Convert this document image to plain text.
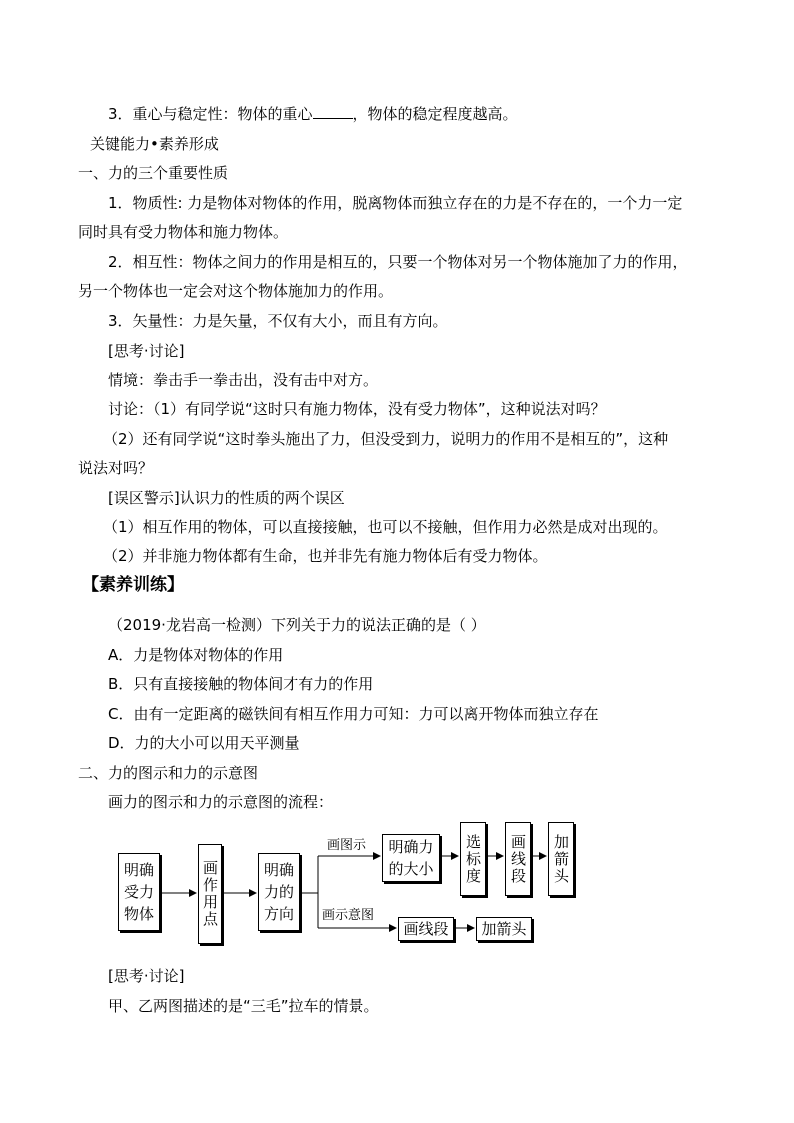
3．重心与稳定性：物体的重心	，物体的稳定程度越高。
关键能力•素养形成
一、力的三个重要性质
1．物质性: 力是物体对物体的作用，脱离物体而独立存在的力是不存在的，一个力一定
同时具有受力物体和施力物体。
2．相互性：物体之间力的作用是相互的，只要一个物体对另一个物体施加了力的作用，
另一个物体也一定会对这个物体施加力的作用。
3．矢量性：力是矢量，不仅有大小，而且有方向。
[思考·讨论]
情境：拳击手一拳击出，没有击中对方。
讨论：（1）有同学说“这时只有施力物体，没有受力物体”，这种说法对吗？
（2）还有同学说“这时拳头施出了力，但没受到力，说明力的作用不是相互的”，这种
说法对吗？
[误区警示]认识力的性质的两个误区
（1）相互作用的物体，可以直接接触，也可以不接触，但作用力必然是成对出现的。
（2）并非施力物体都有生命，也并非先有施力物体后有受力物体。
【素养训练】
（2019·龙岩高一检测）下列关于力的说法正确的是（ ）
A．力是物体对物体的作用
B．只有直接接触的物体间才有力的作用
C．由有一定距离的磁铁间有相互作用力可知：力可以离开物体而独立存在
D．力的大小可以用天平测量
二、力的图示和力的示意图
画力的图示和力的示意图的流程：
明确
受力
物体	画作用点	明确
力的
方向
画图示
画示意图
明确力
的大小 选标度 画线段 加箭头
画线段	加箭头
[思考·讨论]
甲、乙两图描述的是“三毛”拉车的情景。
